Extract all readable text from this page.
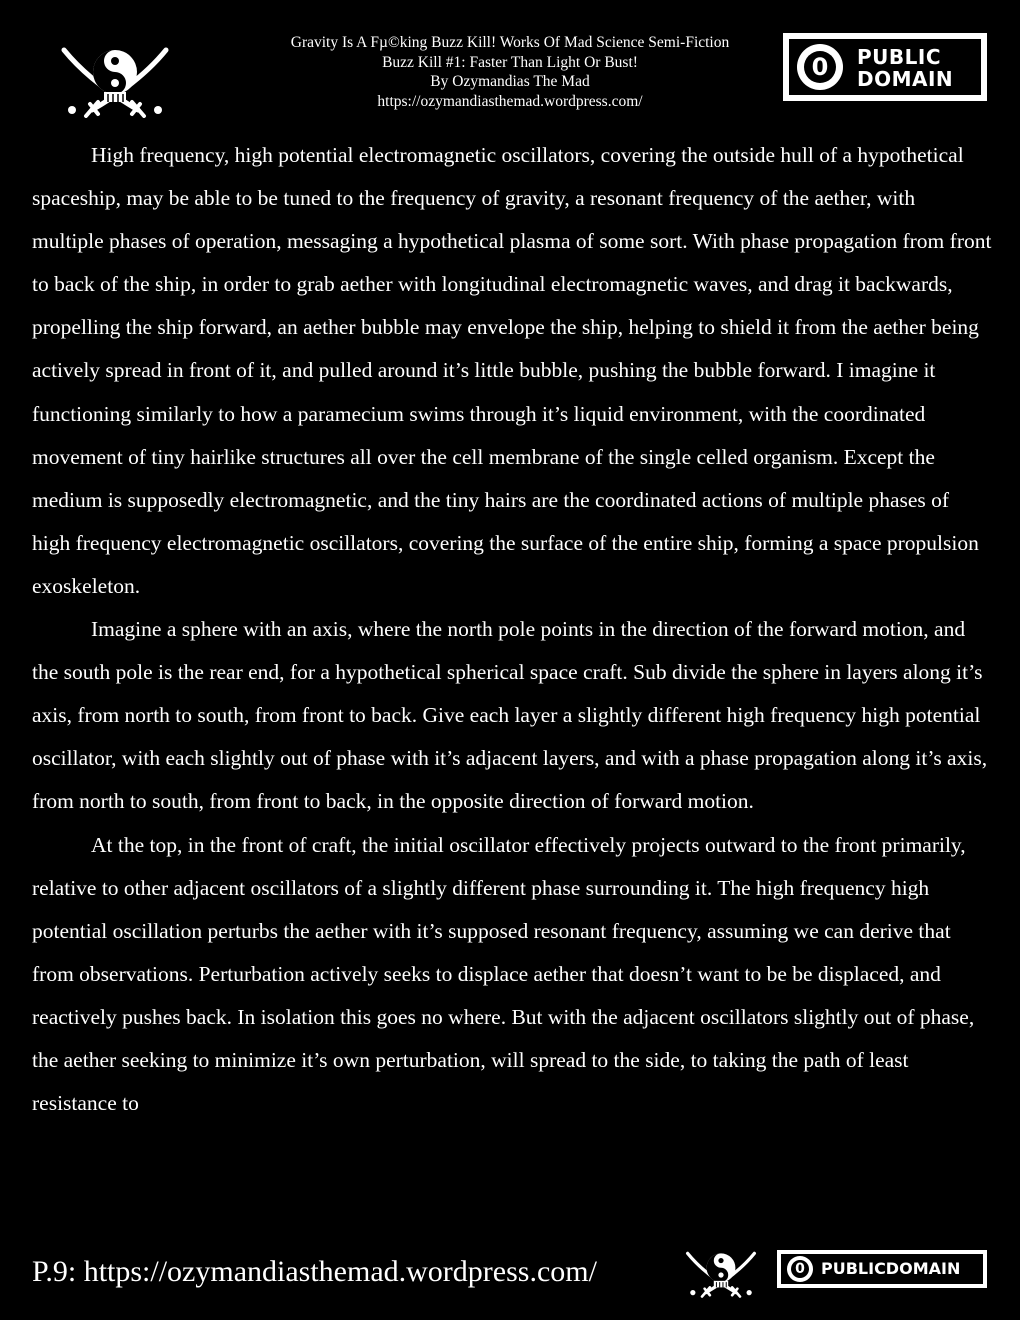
Gravity Is A Fµ©king Buzz Kill! Works Of Mad Science Semi-Fiction
Buzz Kill #1: Faster Than Light Or Bust!
By Ozymandias The Mad
https://ozymandiasthemad.wordpress.com/
0	PUBLIC
DOMAIN

High frequency, high potential electromagnetic oscillators, covering the outside hull of a hypothetical spaceship, may be able to be tuned to the frequency of gravity, a resonant frequency of the aether, with multiple phases of operation, messaging a hypothetical plasma of some sort. With phase propagation from front to back of the ship, in order to grab aether with longitudinal electromagnetic waves, and drag it backwards, propelling the ship forward, an aether bubble may envelope the ship, helping to shield it from the aether being actively spread in front of it, and pulled around it’s little bubble, pushing the bubble forward. I imagine it functioning similarly to how a paramecium swims through it’s liquid environment, with the coordinated movement of tiny hairlike structures all over the cell membrane of the single celled organism. Except the medium is supposedly electromagnetic, and the tiny hairs are the coordinated actions of multiple phases of high frequency electromagnetic oscillators, covering the surface of the entire ship, forming a space propulsion exoskeleton.

Imagine a sphere with an axis, where the north pole points in the direction of the forward motion, and the south pole is the rear end, for a hypothetical spherical space craft. Sub divide the sphere in layers along it’s axis, from north to south, from front to back. Give each layer a slightly different high frequency high potential oscillator, with each slightly out of phase with it’s adjacent layers, and with a phase propagation along it’s axis, from north to south, from front to back, in the opposite direction of forward motion.

At the top, in the front of craft, the initial oscillator effectively projects outward to the front primarily, relative to other adjacent oscillators of a slightly different phase surrounding it. The high frequency high potential oscillation perturbs the aether with it’s supposed resonant frequency, assuming we can derive that from observations. Perturbation actively seeks to displace aether that doesn’t want to be be displaced, and reactively pushes back. In isolation this goes no where. But with the adjacent oscillators slightly out of phase, the aether seeking to minimize it’s own perturbation, will spread to the side, to taking the path of least resistance to

P.9: https://ozymandiasthemad.wordpress.com/	0 PUBLICDOMAIN
